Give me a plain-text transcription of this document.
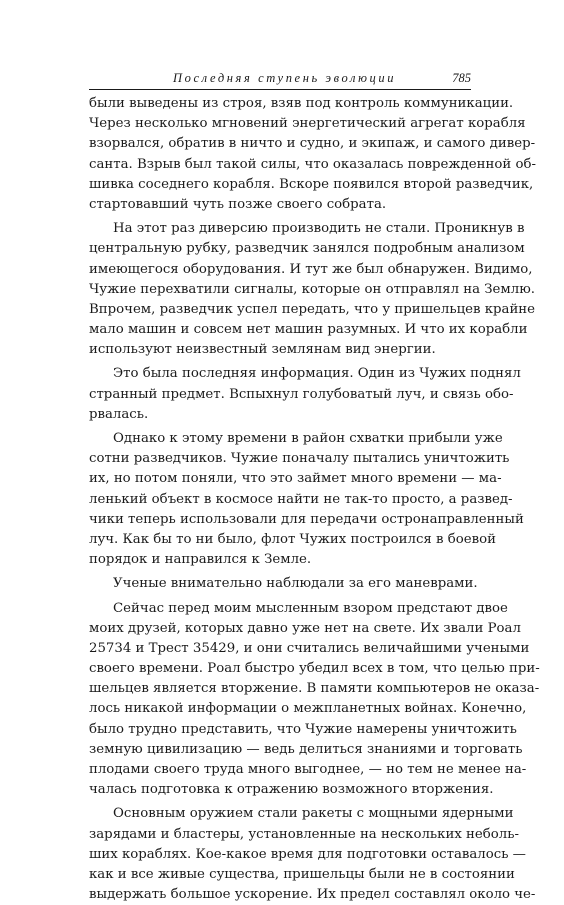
Последняя ступень эволюции	785
были выведены из строя, взяв под контроль коммуникации.
Через несколько мгновений энергетический агрегат корабля
взорвался, обратив в ничто и судно, и экипаж, и самого дивер-
санта. Взрыв был такой силы, что оказалась поврежденной об-
шивка соседнего корабля. Вскоре появился второй разведчик,
стартовавший чуть позже своего собрата.
На этот раз диверсию производить не стали. Проникнув в
центральную рубку, разведчик занялся подробным анализом
имеющегося оборудования. И тут же был обнаружен. Видимо,
Чужие перехватили сигналы, которые он отправлял на Землю.
Впрочем, разведчик успел передать, что у пришельцев крайне
мало машин и совсем нет машин разумных. И что их корабли
используют неизвестный землянам вид энергии.
Это была последняя информация. Один из Чужих поднял
странный предмет. Вспыхнул голубоватый луч, и связь обо-
рвалась.
Однако к этому времени в район схватки прибыли уже
сотни разведчиков. Чужие поначалу пытались уничтожить
их, но потом поняли, что это займет много времени — ма-
ленький объект в космосе найти не так-то просто, а развед-
чики теперь использовали для передачи остронаправленный
луч. Как бы то ни было, флот Чужих построился в боевой
порядок и направился к Земле.
Ученые внимательно наблюдали за его маневрами.
Сейчас перед моим мысленным взором предстают двое
моих друзей, которых давно уже нет на свете. Их звали Роал
25734 и Трест 35429, и они считались величайшими учеными
своего времени. Роал быстро убедил всех в том, что целью при-
шельцев является вторжение. В памяти компьютеров не оказа-
лось никакой информации о межпланетных войнах. Конечно,
было трудно представить, что Чужие намерены уничтожить
земную цивилизацию — ведь делиться знаниями и торговать
плодами своего труда много выгоднее, — но тем не менее на-
чалась подготовка к отражению возможного вторжения.
Основным оружием стали ракеты с мощными ядерными
зарядами и бластеры, установленные на нескольких неболь-
ших кораблях. Кое-какое время для подготовки оставалось —
как и все живые существа, пришельцы были не в состоянии
выдержать большое ускорение. Их предел составлял около че-
